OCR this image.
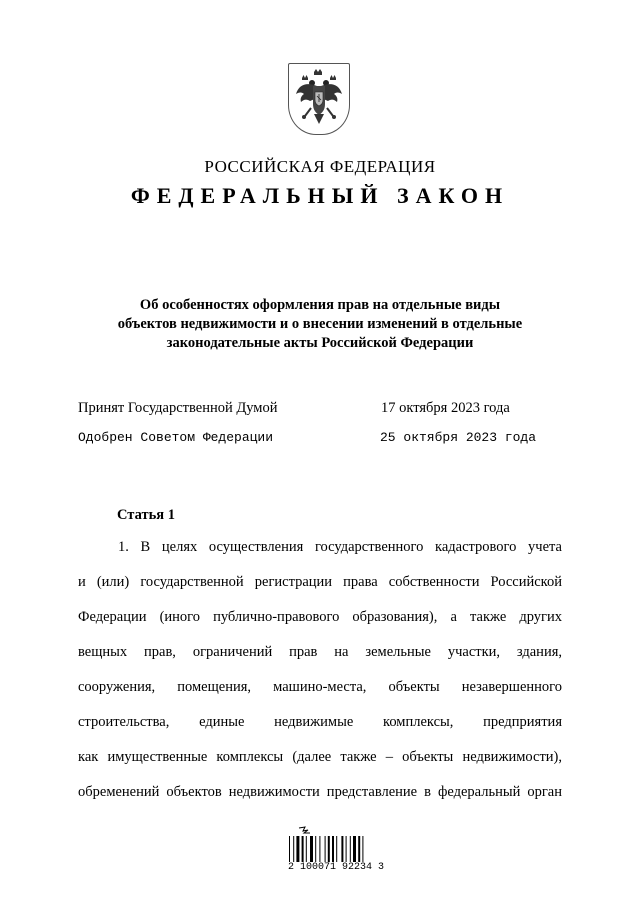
РОССИЙСКАЯ ФЕДЕРАЦИЯ
ФЕДЕРАЛЬНЫЙ ЗАКОН
Об особенностях оформления прав на отдельные виды
объектов недвижимости и о внесении изменений в отдельные
законодательные акты Российской Федерации
Принят Государственной Думой	17 октября 2023 года
Одобрен Советом Федерации	25 октября 2023 года
Статья 1
1. В целях осуществления государственного кадастрового учета
и (или) государственной регистрации права собственности Российской
Федерации (иного публично-правового образования), а также других
вещных прав, ограничений прав на земельные участки, здания,
сооружения, помещения, машино-места, объекты незавершенного
строительства, единые недвижимые комплексы, предприятия
как имущественные комплексы (далее также – объекты недвижимости),
обременений объектов недвижимости представление в федеральный орган
2 100071 92234 3
